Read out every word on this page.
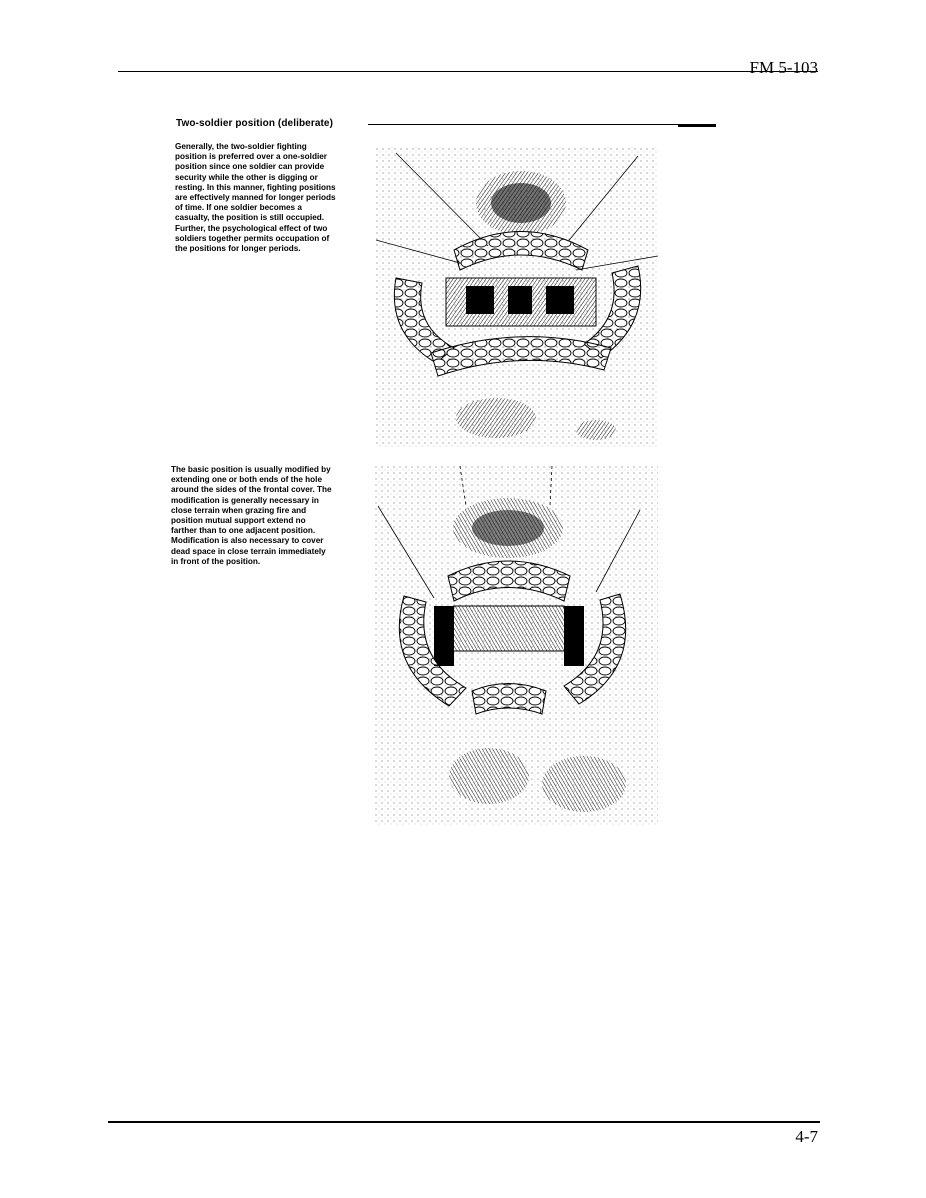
FM 5-103
Two-soldier position (deliberate)
Generally, the two-soldier fighting position is preferred over a one-soldier position since one soldier can provide security while the other is digging or resting. In this manner, fighting positions are effectively manned for longer periods of time. If one soldier becomes a casualty, the position is still occupied. Further, the psychological effect of two soldiers together permits occupation of the positions for longer periods.
The basic position is usually modified by extending one or both ends of the hole around the sides of the frontal cover. The modification is generally necessary in close terrain when grazing fire and position mutual support extend no farther than to one adjacent position. Modification is also necessary to cover dead space in close terrain immediately in front of the position.
4-7
